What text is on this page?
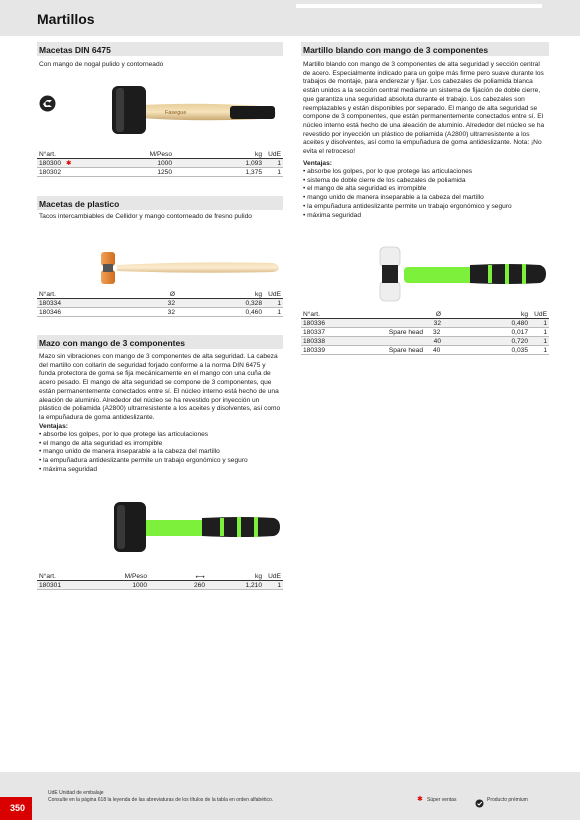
Martillos
Macetas DIN 6475
Con mango de nogal pulido y contorneado
Fasegue
N°art.	M/Peso	kg UdE
180300 ✱	1000	1,093 1
180302	1250	1,375 1
Macetas de plastico
Tacos intercambiables de Cellidor y mango contorneado de fresno pulido
N°art.	Ø	kg UdE
180334	32	0,328 1
180346	32	0,460 1
Mazo con mango de 3 componentes
Mazo sin vibraciones con mango de 3 componentes de alta seguridad. La cabeza del martillo con collarín de seguridad forjado conforme a la norma DIN 6475 y funda protectora de goma se fija mecánicamente en el mango con una cuña de acero pesado. El mango de alta seguridad se compone de 3 componentes, que están permanentemente conectados entre sí. El núcleo interno está hecho de una aleación de aluminio. Alrededor del núcleo se ha revestido por inyección un plástico de poliamida (A2800) ultrarresistente a los aceites y disolventes, así como la empuñadura de goma antideslizante.
Ventajas:
• absorbe los golpes, por lo que protege las articulaciones
• el mango de alta seguridad es irrompible
• mango unido de manera inseparable a la cabeza del martillo
• la empuñadura antideslizante permite un trabajo ergonómico y seguro
• máxima seguridad
N°art.	M/Peso	⟷	kg UdE
180301	1000	260	1,210 1
Martillo blando con mango de 3 componentes
Martillo blando con mango de 3 componentes de alta seguridad y sección central de acero. Especialmente indicado para un golpe más firme pero suave durante los trabajos de montaje, para enderezar y fijar. Los cabezales de poliamida blanca están unidos a la sección central mediante un sistema de fijación de doble cierre, que garantiza una seguridad absoluta durante el trabajo. Los cabezales son reemplazables y están disponibles por separado. El mango de alta seguridad se compone de 3 componentes, que están permanentemente conectados entre sí. El núcleo interno está hecho de una aleación de aluminio. Alrededor del núcleo se ha revestido por inyección un plástico de poliamida (A2800) ultrarresistente a los aceites y disolventes, así como la empuñadura de goma antideslizante. Nota: ¡No evita el retroceso!
Ventajas:
• absorbe los golpes, por lo que protege las articulaciones
• sistema de doble cierre de los cabezales de poliamida
• el mango de alta seguridad es irrompible
• mango unido de manera inseparable a la cabeza del martillo
• la empuñadura antideslizante permite un trabajo ergonómico y seguro
• máxima seguridad
N°art.	Ø	kg UdE
180336	32	0,480 1
180337	Spare head 32	0,017 1
180338	40	0,720 1
180339	Spare head 40	0,035 1
350
UdE Unidad de embalaje
Consulte en la página 618 la leyenda de las abreviaturas de los títulos de la tabla en orden alfabético.	✱ Súper ventas	Producto prémium
